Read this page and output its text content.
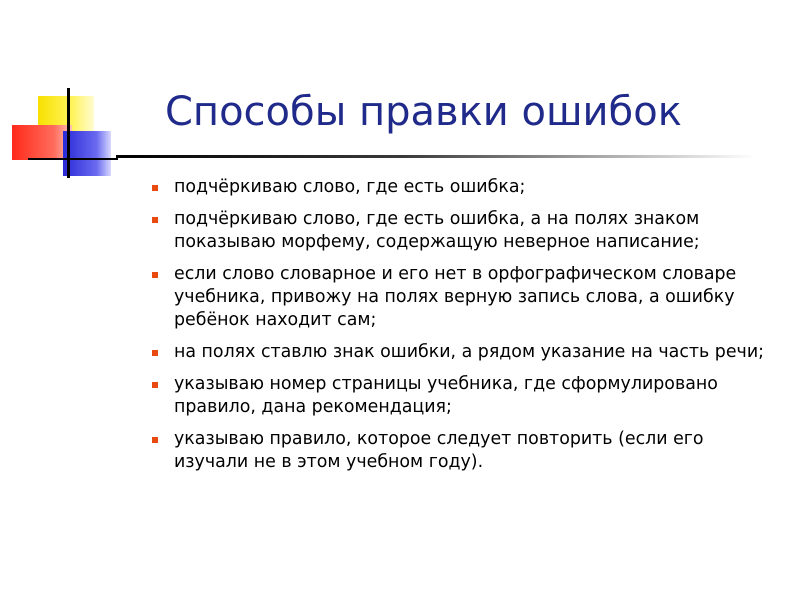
Способы правки ошибок
подчёркиваю слово, где есть ошибка;
подчёркиваю слово, где есть ошибка, а на полях знаком показываю морфему, содержащую неверное написание;
если слово словарное и его нет в орфографическом словаре учебника, привожу на полях верную запись слова, а ошибку ребёнок находит сам;
на полях ставлю знак ошибки, а рядом указание на часть речи;
указываю номер страницы учебника, где сформулировано правило, дана рекомендация;
указываю правило, которое следует повторить (если его изучали не в этом учебном году).
